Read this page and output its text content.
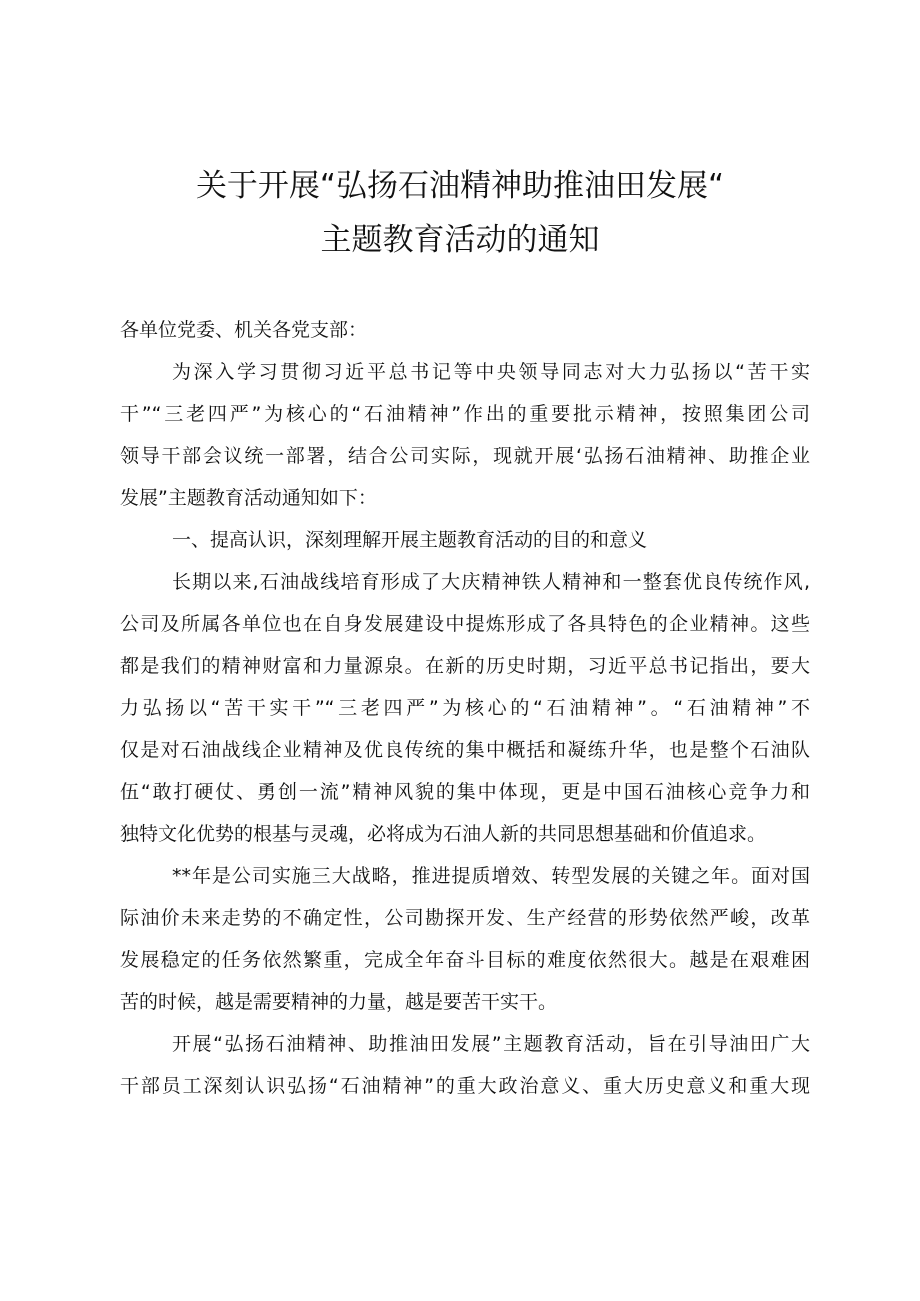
关于开展“弘扬石油精神助推油田发展“
主题教育活动的通知
各单位党委、机关各党支部：
为深入学习贯彻习近平总书记等中央领导同志对大力弘扬以“苦干实
干”“三老四严”为核心的“石油精神”作出的重要批示精神，按照集团公司
领导干部会议统一部署，结合公司实际，现就开展‘弘扬石油精神、助推企业
发展”主题教育活动通知如下：
一、提高认识，深刻理解开展主题教育活动的目的和意义
长期以来,石油战线培育形成了大庆精神铁人精神和一整套优良传统作风,
公司及所属各单位也在自身发展建设中提炼形成了各具特色的企业精神。这些
都是我们的精神财富和力量源泉。在新的历史时期，习近平总书记指出，要大
力弘扬以“苦干实干”“三老四严”为核心的“石油精神”。“石油精神”不
仅是对石油战线企业精神及优良传统的集中概括和凝练升华，也是整个石油队
伍“敢打硬仗、勇创一流”精神风貌的集中体现，更是中国石油核心竞争力和
独特文化优势的根基与灵魂，必将成为石油人新的共同思想基础和价值追求。
**年是公司实施三大战略，推进提质增效、转型发展的关键之年。面对国
际油价未来走势的不确定性，公司勘探开发、生产经营的形势依然严峻，改革
发展稳定的任务依然繁重，完成全年奋斗目标的难度依然很大。越是在艰难困
苦的时候，越是需要精神的力量，越是要苦干实干。
开展“弘扬石油精神、助推油田发展”主题教育活动，旨在引导油田广大
干部员工深刻认识弘扬“石油精神”的重大政治意义、重大历史意义和重大现
